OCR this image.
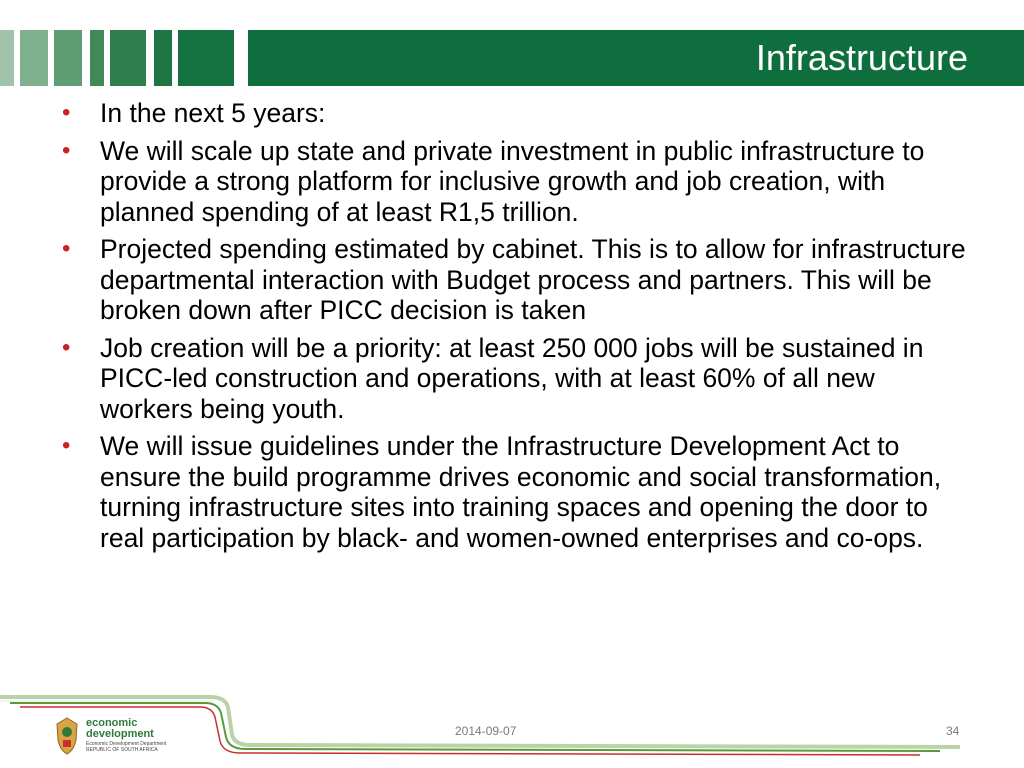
Infrastructure
• In the next 5 years:
• We will scale up state and private investment in public infrastructure to provide a strong platform for inclusive growth and job creation, with planned spending of at least R1,5 trillion.
• Projected spending estimated by cabinet. This is to allow for infrastructure departmental interaction with Budget process and partners. This will be broken down after PICC decision is taken
• Job creation will be a priority: at least 250 000 jobs will be sustained in PICC-led construction and operations, with at least 60% of all new workers being youth.
• We will issue guidelines under the Infrastructure Development Act to ensure the build programme drives economic and social transformation, turning infrastructure sites into training spaces and opening the door to real participation by black- and women-owned enterprises and co-ops.
economic
development
Economic Development Department
REPUBLIC OF SOUTH AFRICA
2014-09-07	34
